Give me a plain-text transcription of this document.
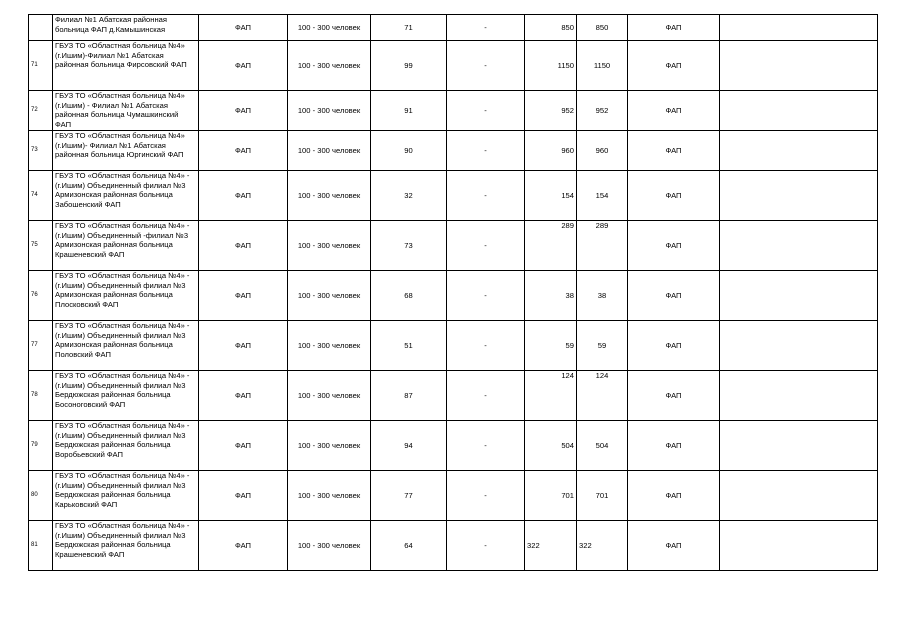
	Филиал №1 Абатская районная больница ФАП д.Камышинская	ФАП	100 - 300 человек	71	-	850	850	ФАП	
71	ГБУЗ ТО «Областная больница №4» (г.Ишим)-Филиал №1 Абатская районная больница Фирсовский ФАП	ФАП	100 - 300 человек	99	-	1150	1150	ФАП	
72	ГБУЗ ТО «Областная больница №4» (г.Ишим) - Филиал №1 Абатская районная больница Чумашкинский ФАП	ФАП	100 - 300 человек	91	-	952	952	ФАП	
73	ГБУЗ ТО «Областная больница №4» (г.Ишим)- Филиал №1 Абатская районная больница Юргинский ФАП	ФАП	100 - 300 человек	90	-	960	960	ФАП	
74	ГБУЗ ТО «Областная больница №4» - (г.Ишим) Объединенный филиал №3 Армизонская районная больница Забошенский ФАП	ФАП	100 - 300 человек	32	-	154	154	ФАП	
75	ГБУЗ ТО «Областная больница №4» - (г.Ишим) Объединенный -филиал №3 Армизонская районная больница Крашеневский ФАП	ФАП	100 - 300 человек	73	-	289	289	ФАП	
76	ГБУЗ ТО «Областная больница №4» -(г.Ишим) Объединенный филиал №3 Армизонская районная больница Плосковский ФАП	ФАП	100 - 300 человек	68	-	38	38	ФАП	
77	ГБУЗ ТО «Областная больница №4» - (г.Ишим) Объединенный филиал №3 Армизонская районная больница Половский ФАП	ФАП	100 - 300 человек	51	-	59	59	ФАП	
78	ГБУЗ ТО «Областная больница №4» - (г.Ишим) Объединенный филиал №3 Бердюжская районная больница Босоноговский ФАП	ФАП	100 - 300 человек	87	-	124	124	ФАП	
79	ГБУЗ ТО «Областная больница №4» - (г.Ишим) Объединенный филиал №3 Бердюжская районная больница Воробьевский ФАП	ФАП	100 - 300 человек	94	-	504	504	ФАП	
80	ГБУЗ ТО «Областная больница №4» - (г.Ишим) Объединенный филиал №3 Бердюжская районная больница Карьковский ФАП	ФАП	100 - 300 человек	77	-	701	701	ФАП	
81	ГБУЗ ТО «Областная больница №4» - (г.Ишим) Объединенный филиал №3 Бердюжская районная больница Крашеневский ФАП	ФАП	100 - 300 человек	64	-	322	322	ФАП	
